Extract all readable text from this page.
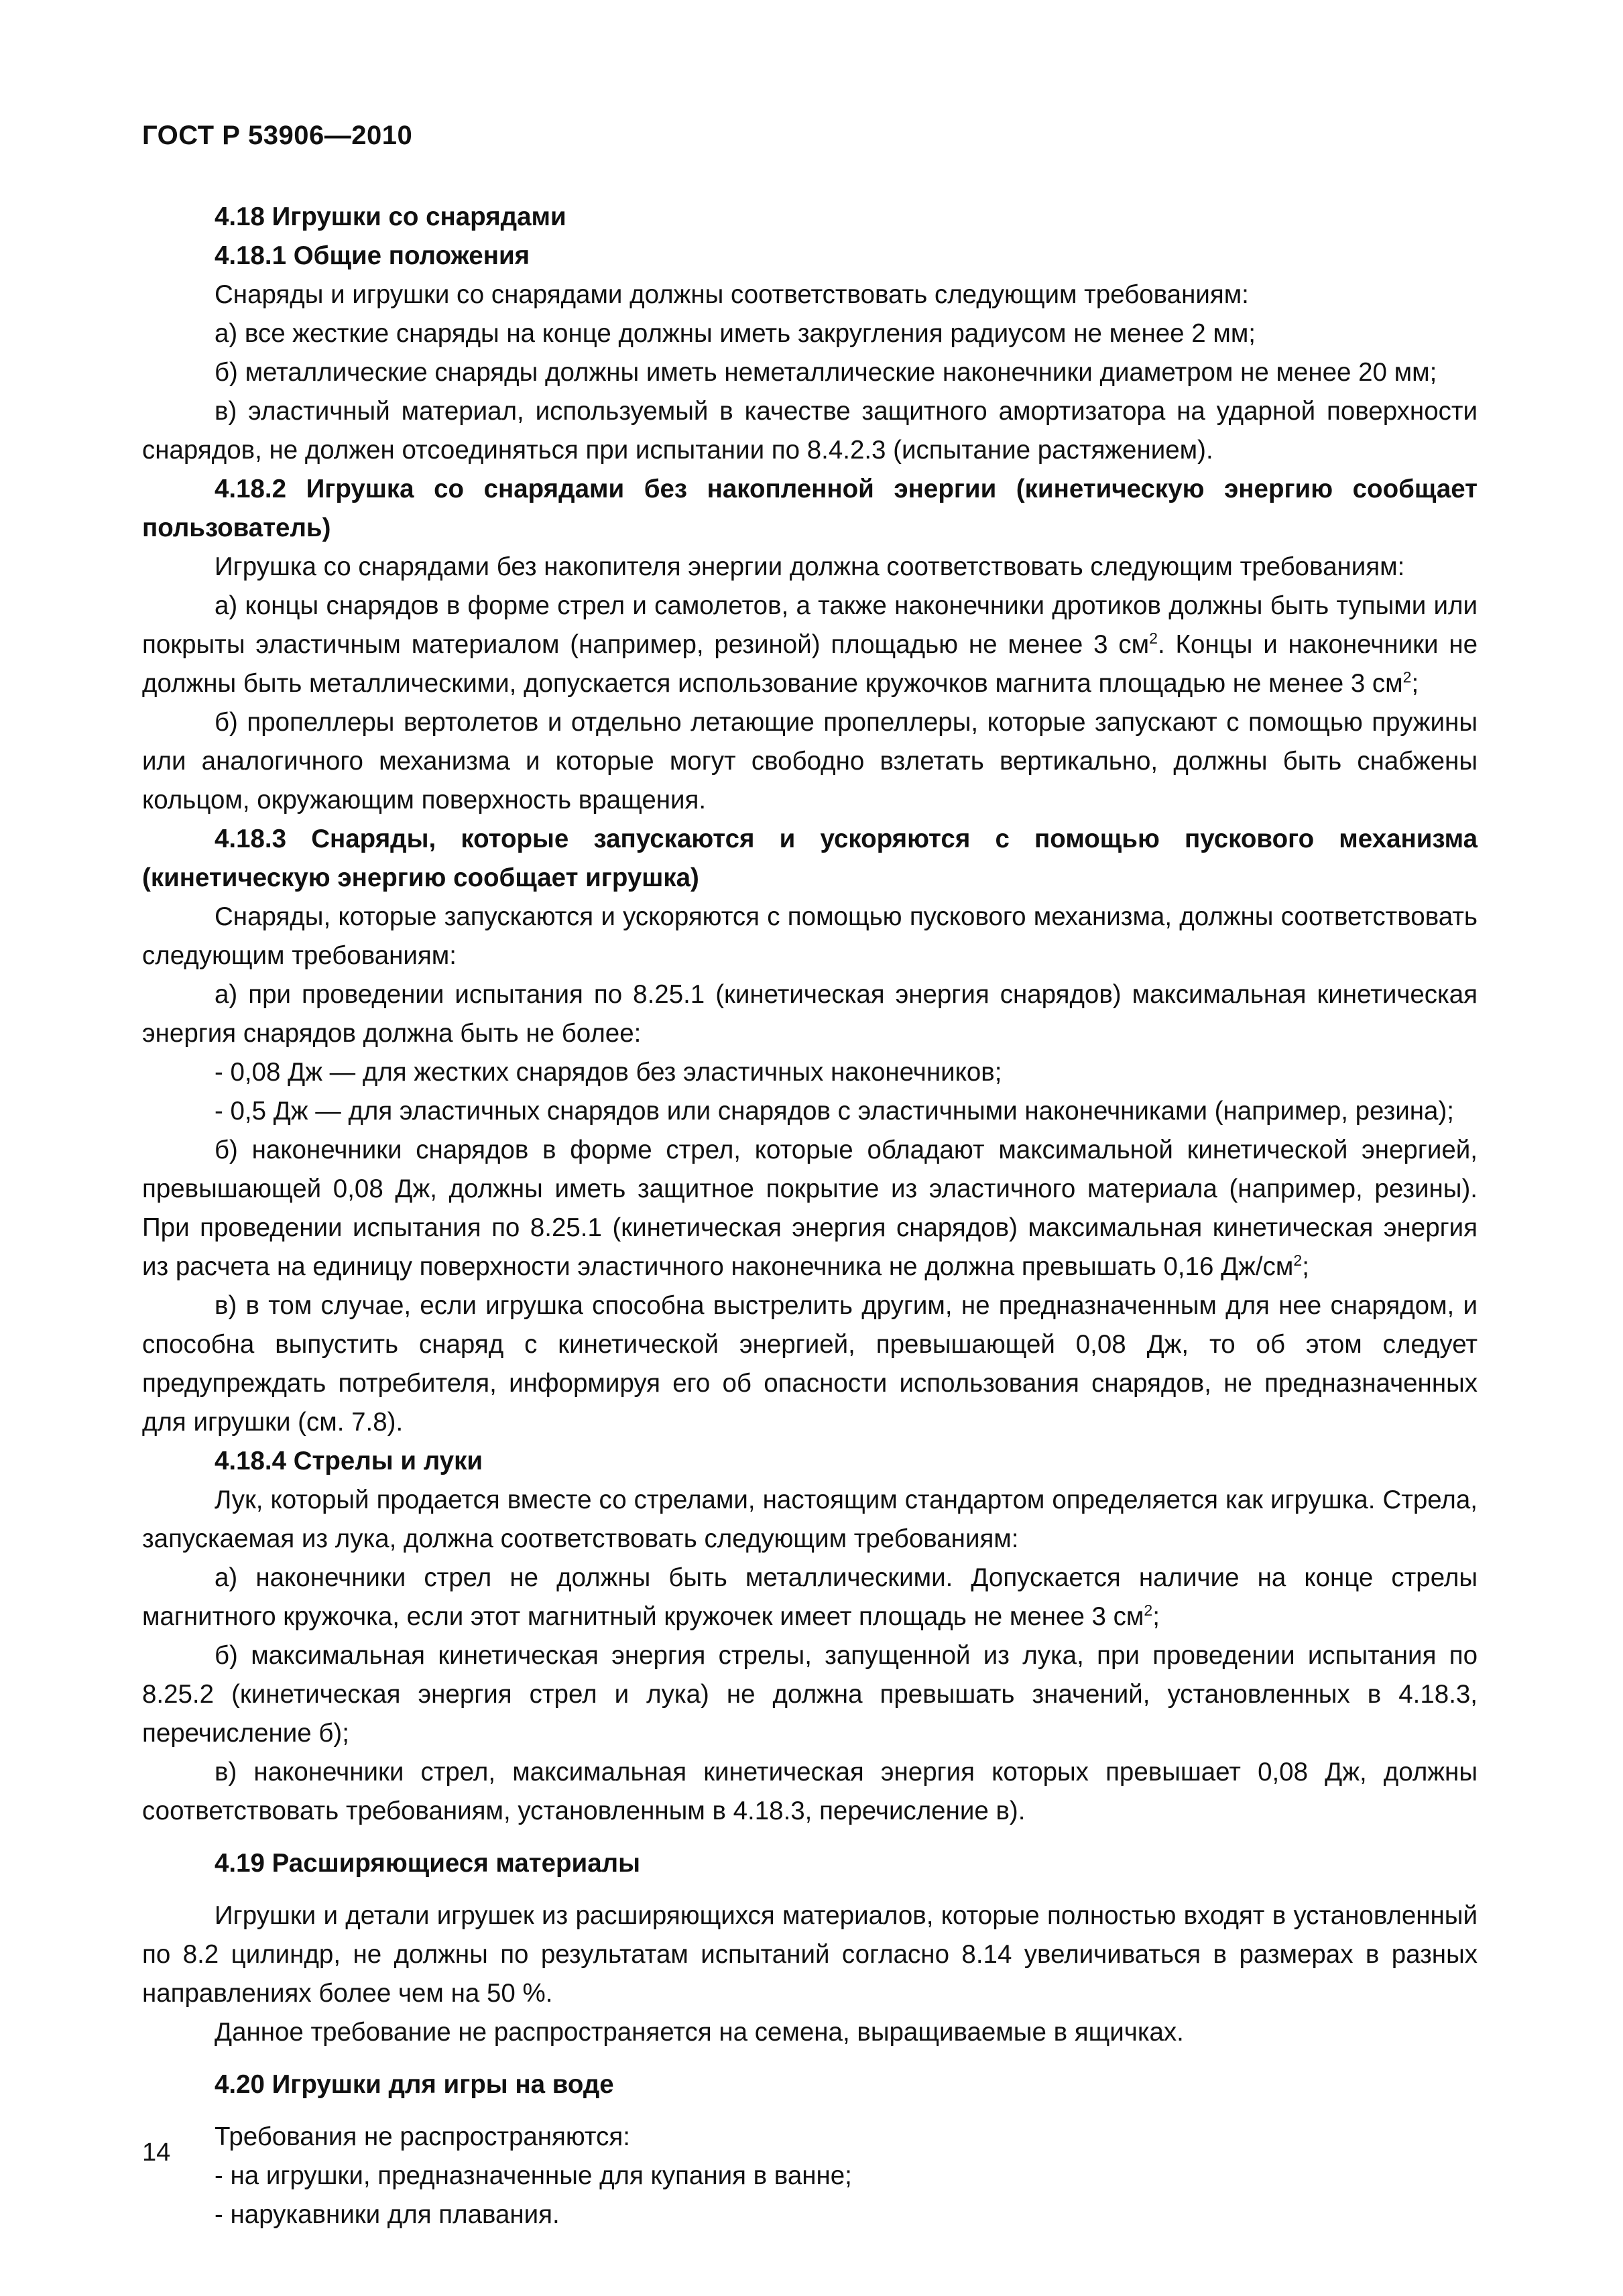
ГОСТ Р 53906—2010

4.18 Игрушки со снарядами

4.18.1 Общие положения

Снаряды и игрушки со снарядами должны соответствовать следующим требованиям:

а) все жесткие снаряды на конце должны иметь закругления радиусом не менее 2 мм;

б) металлические снаряды должны иметь неметаллические наконечники диаметром не менее 20 мм;

в) эластичный материал, используемый в качестве защитного амортизатора на ударной поверхности снарядов, не должен отсоединяться при испытании по 8.4.2.3 (испытание растяжением).

4.18.2 Игрушка со снарядами без накопленной энергии (кинетическую энергию сообщает пользователь)

Игрушка со снарядами без накопителя энергии должна соответствовать следующим требованиям:

а) концы снарядов в форме стрел и самолетов, а также наконечники дротиков должны быть тупыми или покрыты эластичным материалом (например, резиной) площадью не менее 3 $см^2$. Концы и наконечники не должны быть металлическими, допускается использование кружочков магнита площадью не менее 3 $см^2$;

б) пропеллеры вертолетов и отдельно летающие пропеллеры, которые запускают с помощью пружины или аналогичного механизма и которые могут свободно взлетать вертикально, должны быть снабжены кольцом, окружающим поверхность вращения.

4.18.3 Снаряды, которые запускаются и ускоряются с помощью пускового механизма (кинетическую энергию сообщает игрушка)

Снаряды, которые запускаются и ускоряются с помощью пускового механизма, должны соответствовать следующим требованиям:

а) при проведении испытания по 8.25.1 (кинетическая энергия снарядов) максимальная кинетическая энергия снарядов должна быть не более:

- 0,08 Дж — для жестких снарядов без эластичных наконечников;

- 0,5 Дж — для эластичных снарядов или снарядов с эластичными наконечниками (например, резина);

б) наконечники снарядов в форме стрел, которые обладают максимальной кинетической энергией, превышающей 0,08 Дж, должны иметь защитное покрытие из эластичного материала (например, резины). При проведении испытания по 8.25.1 (кинетическая энергия снарядов) максимальная кинетическая энергия из расчета на единицу поверхности эластичного наконечника не должна превышать 0,16 $Дж/см^2$;

в) в том случае, если игрушка способна выстрелить другим, не предназначенным для нее снарядом, и способна выпустить снаряд с кинетической энергией, превышающей 0,08 Дж, то об этом следует предупреждать потребителя, информируя его об опасности использования снарядов, не предназначенных для игрушки (см. 7.8).

4.18.4 Стрелы и луки

Лук, который продается вместе со стрелами, настоящим стандартом определяется как игрушка. Стрела, запускаемая из лука, должна соответствовать следующим требованиям:

а) наконечники стрел не должны быть металлическими. Допускается наличие на конце стрелы магнитного кружочка, если этот магнитный кружочек имеет площадь не менее 3 $см^2$;

б) максимальная кинетическая энергия стрелы, запущенной из лука, при проведении испытания по 8.25.2 (кинетическая энергия стрел и лука) не должна превышать значений, установленных в 4.18.3, перечисление б);

в) наконечники стрел, максимальная кинетическая энергия которых превышает 0,08 Дж, должны соответствовать требованиям, установленным в 4.18.3, перечисление в).

4.19 Расширяющиеся материалы

Игрушки и детали игрушек из расширяющихся материалов, которые полностью входят в установленный по 8.2 цилиндр, не должны по результатам испытаний согласно 8.14 увеличиваться в размерах в разных направлениях более чем на 50 %.

Данное требование не распространяется на семена, выращиваемые в ящичках.

4.20 Игрушки для игры на воде

Требования не распространяются:

- на игрушки, предназначенные для купания в ванне;

- нарукавники для плавания.

14
